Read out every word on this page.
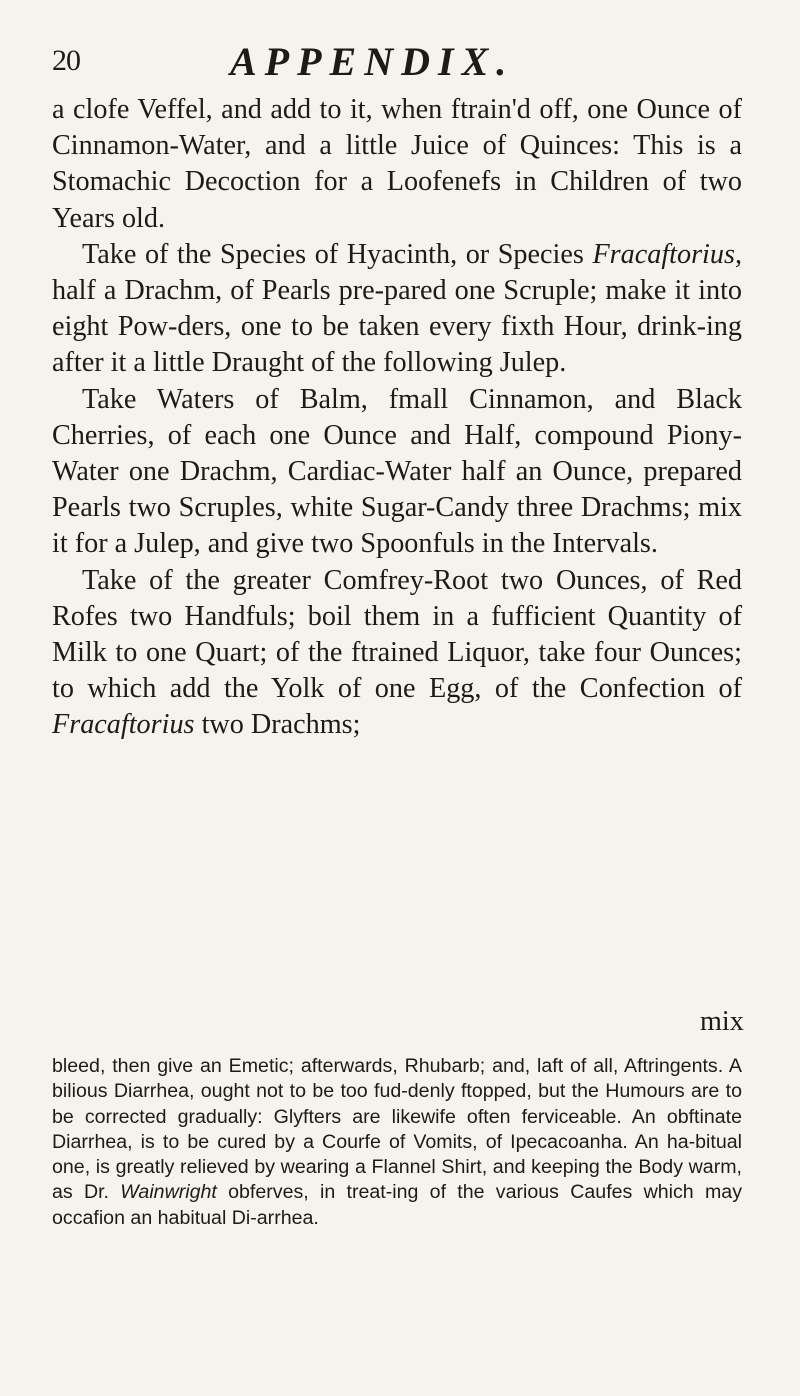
20	APPENDIX.

a clofe Veffel, and add to it, when ftrain'd off, one Ounce of Cinnamon-Water, and a little Juice of Quinces: This is a Stomachic Decoction for a Loofenefs in Children of two Years old.

Take of the Species of Hyacinth, or Species Fracaftorius, half a Drachm, of Pearls pre-pared one Scruple; make it into eight Pow-ders, one to be taken every fixth Hour, drink-ing after it a little Draught of the following Julep.

Take Waters of Balm, fmall Cinnamon, and Black Cherries, of each one Ounce and Half, compound Piony-Water one Drachm, Cardiac-Water half an Ounce, prepared Pearls two Scruples, white Sugar-Candy three Drachms; mix it for a Julep, and give two Spoonfuls in the Intervals.

Take of the greater Comfrey-Root two Ounces, of Red Rofes two Handfuls; boil them in a fufficient Quantity of Milk to one Quart; of the ftrained Liquor, take four Ounces; to which add the Yolk of one Egg, of the Confection of Fracaftorius two Drachms;

mix

bleed, then give an Emetic; afterwards, Rhubarb; and, laft of all, Aftringents. A bilious Diarrhea, ought not to be too fud-denly ftopped, but the Humours are to be corrected gradually: Glyfters are likewife often ferviceable. An obftinate Diarrhea, is to be cured by a Courfe of Vomits, of Ipecacoanha. An ha-bitual one, is greatly relieved by wearing a Flannel Shirt, and keeping the Body warm, as Dr. Wainwright obferves, in treat-ing of the various Caufes which may occafion an habitual Di-arrhea.
